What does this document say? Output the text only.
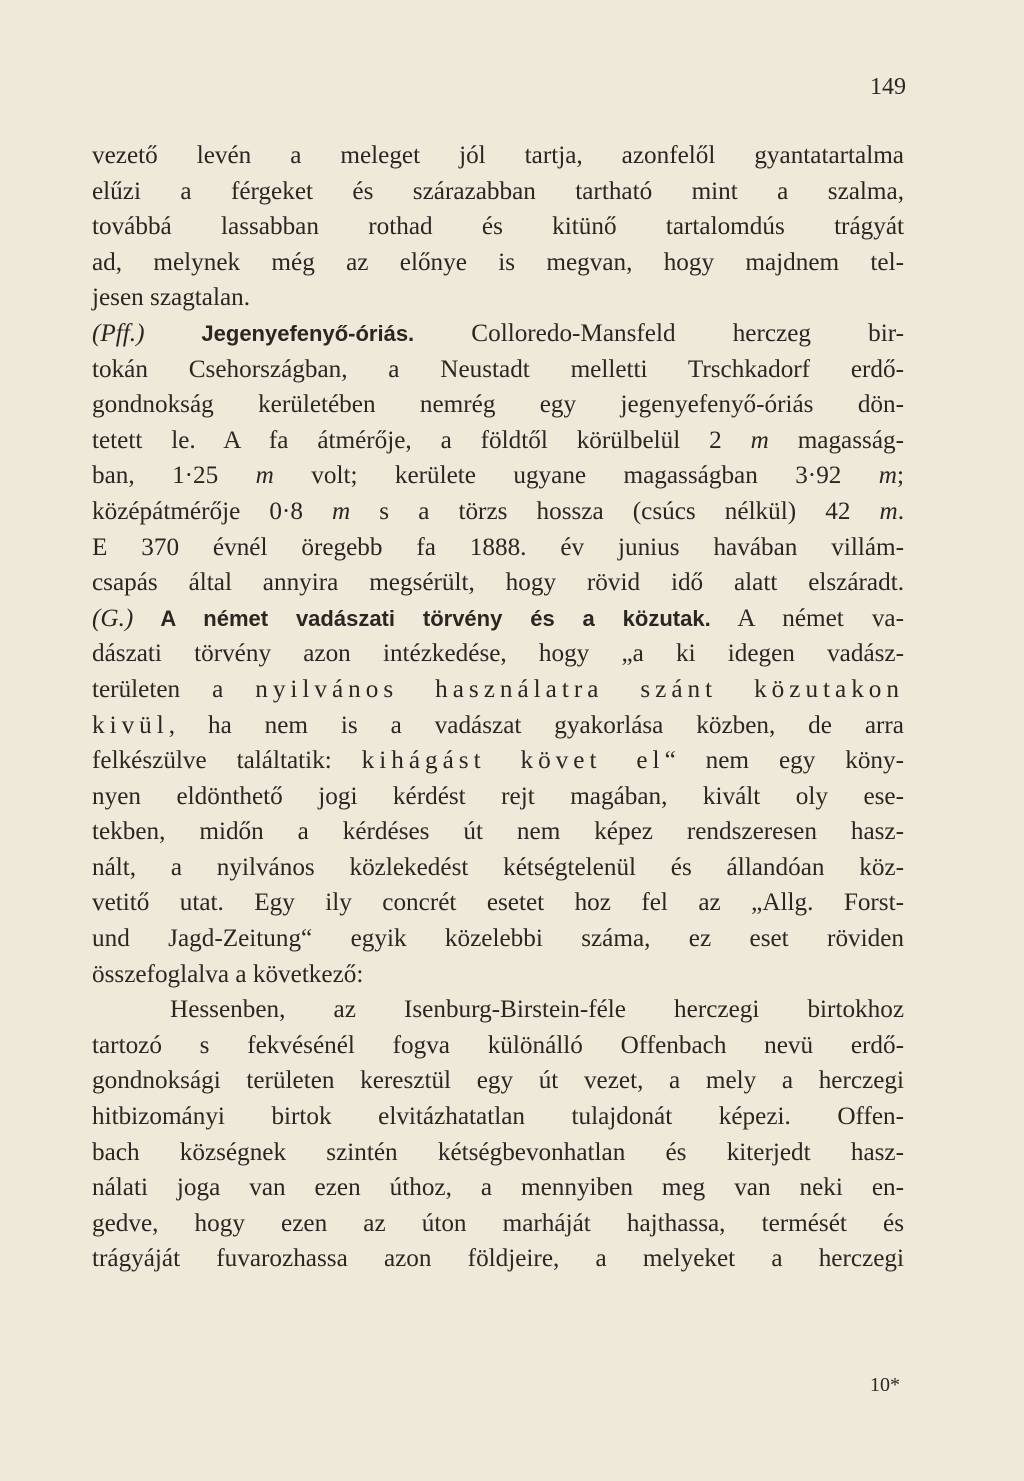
149
vezető levén a meleget jól tartja, azonfelől gyantatartalma
elűzi a férgeket és szárazabban tartható mint a szalma,
továbbá lassabban rothad és kitünő tartalomdús trágyát
ad, melynek még az előnye is megvan, hogy majdnem tel-
jesen szagtalan.
(Pff.) Jegenyefenyő-óriás. Colloredo-Mansfeld herczeg bir-
tokán Csehországban, a Neustadt melletti Trschkadorf erdő-
gondnokság kerületében nemrég egy jegenyefenyő-óriás dön-
tetett le. A fa átmérője, a földtől körülbelül 2 m magasság-
ban, 1·25 m volt; kerülete ugyane magasságban 3·92 m;
középátmérője 0·8 m s a törzs hossza (csúcs nélkül) 42 m.
E 370 évnél öregebb fa 1888. év junius havában villám-
csapás által annyira megsérült, hogy rövid idő alatt elszáradt.
(G.) A német vadászati törvény és a közutak. A német va-
dászati törvény azon intézkedése, hogy „a ki idegen vadász-
területen a nyilvános használatra szánt közutakon
kivül, ha nem is a vadászat gyakorlása közben, de arra
felkészülve találtatik: kihágást követ el“ nem egy köny-
nyen eldönthető jogi kérdést rejt magában, kivált oly ese-
tekben, midőn a kérdéses út nem képez rendszeresen hasz-
nált, a nyilvános közlekedést kétségtelenül és állandóan köz-
vetitő utat. Egy ily concrét esetet hoz fel az „Allg. Forst-
und Jagd-Zeitung“ egyik közelebbi száma, ez eset röviden
összefoglalva a következő:
Hessenben, az Isenburg-Birstein-féle herczegi birtokhoz
tartozó s fekvésénél fogva különálló Offenbach nevü erdő-
gondnoksági területen keresztül egy út vezet, a mely a herczegi
hitbizományi birtok elvitázhatatlan tulajdonát képezi. Offen-
bach községnek szintén kétségbevonhatlan és kiterjedt hasz-
nálati joga van ezen úthoz, a mennyiben meg van neki en-
gedve, hogy ezen az úton marháját hajthassa, termését és
trágyáját fuvarozhassa azon földjeire, a melyeket a herczegi
10*
